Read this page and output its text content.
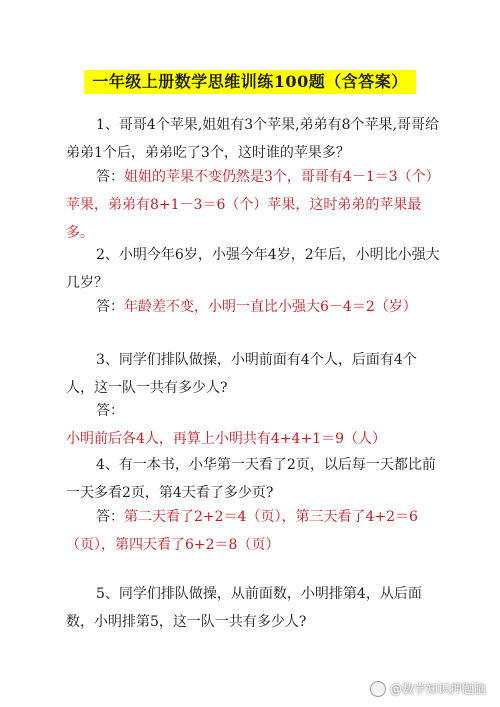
一年级上册数学思维训练100题（含答案）
1、哥哥4个苹果,姐姐有3个苹果,弟弟有8个苹果,哥哥给弟弟1个后，弟弟吃了3个，这时谁的苹果多？
答：姐姐的苹果不变仍然是3个，哥哥有4－1＝3（个）苹果，弟弟有8+1－3＝6（个）苹果，这时弟弟的苹果最多。
2、小明今年6岁，小强今年4岁，2年后，小明比小强大几岁？
答：年龄差不变，小明一直比小强大6－4＝2（岁）
3、同学们排队做操，小明前面有4个人，后面有4个人，这一队一共有多少人?
答：小明前后各4人，再算上小明共有4+4+1＝9（人）
4、有一本书，小华第一天看了2页，以后每一天都比前一天多看2页，第4天看了多少页?
答：第二天看了2+2＝4（页），第三天看了4+2＝6（页），第四天看了6+2＝8（页）
5、同学们排队做操，从前面数，小明排第4，从后面数，小明排第5，这一队一共有多少人?
@数学知识押题脑
